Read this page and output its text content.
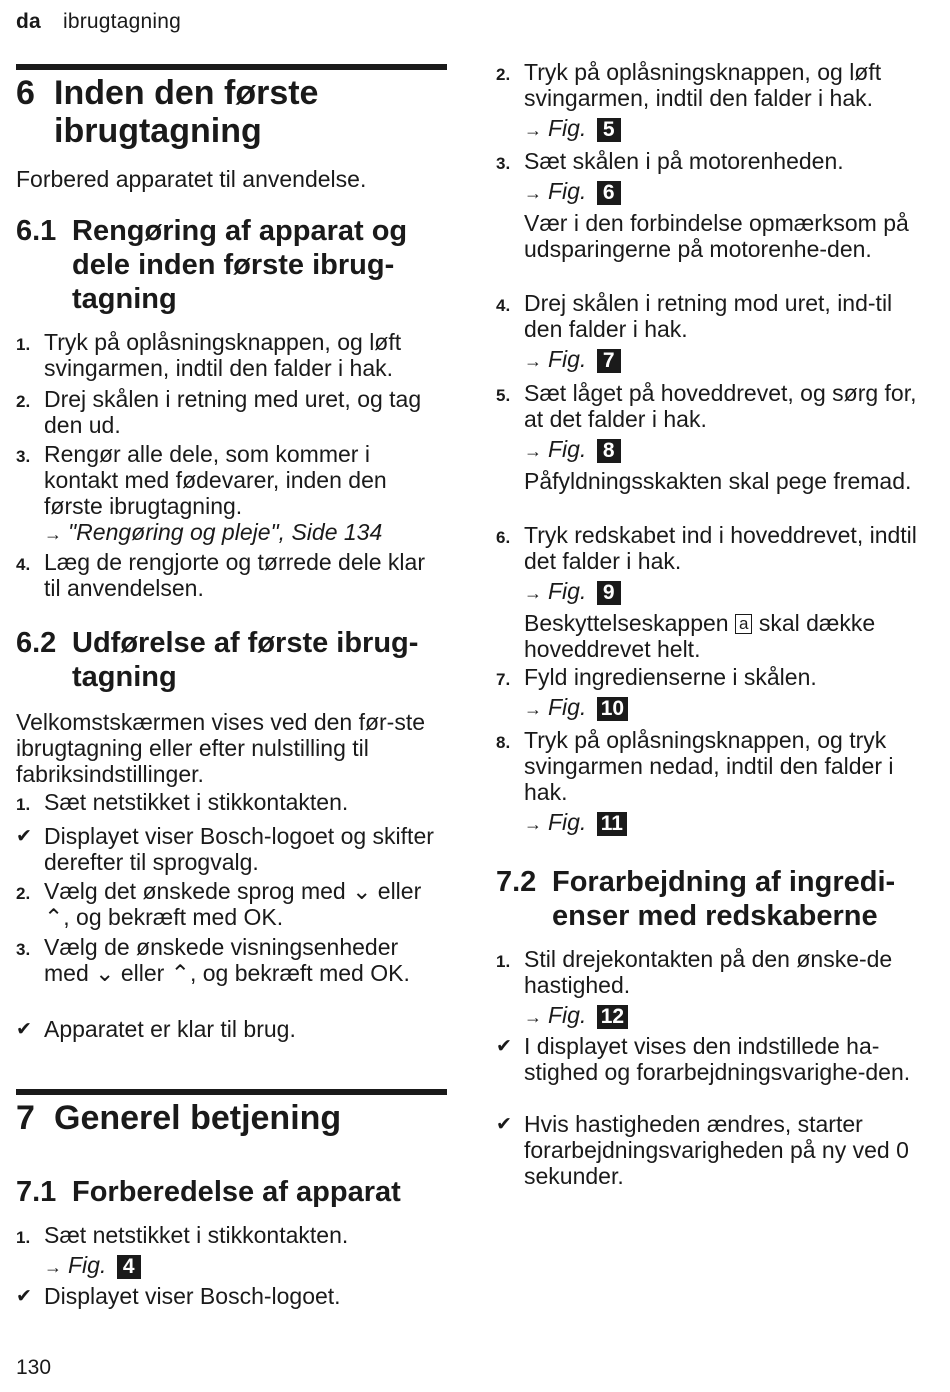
da ibrugtagning
6 Inden den første ibrugtagning
Forbered apparatet til anvendelse.
6.1 Rengøring af apparat og dele inden første ibrug-tagning
1. Tryk på oplåsningsknappen, og løft svingarmen, indtil den falder i hak.
2. Drej skålen i retning med uret, og tag den ud.
3. Rengør alle dele, som kommer i kontakt med fødevarer, inden den første ibrugtagning.
→ "Rengøring og pleje", Side 134
4. Læg de rengjorte og tørrede dele klar til anvendelsen.
6.2 Udførelse af første ibrug-tagning
Velkomstskærmen vises ved den før-ste ibrugtagning eller efter nulstilling til fabriksindstillinger.
1. Sæt netstikket i stikkontakten.
✔ Displayet viser Bosch-logoet og skifter derefter til sprogvalg.
2. Vælg det ønskede sprog med ⌄ eller ⌃, og bekræft med OK.
3. Vælg de ønskede visningsenheder med ⌄ eller ⌃, og bekræft med OK.
✔ Apparatet er klar til brug.
7 Generel betjening
7.1 Forberedelse af apparat
1. Sæt netstikket i stikkontakten.
→ Fig. 4
✔ Displayet viser Bosch-logoet.
2. Tryk på oplåsningsknappen, og løft svingarmen, indtil den falder i hak.
→ Fig. 5
3. Sæt skålen i på motorenheden.
→ Fig. 6
Vær i den forbindelse opmærksom på udsparingerne på motorenhe-den.
4. Drej skålen i retning mod uret, ind-til den falder i hak.
→ Fig. 7
5. Sæt låget på hoveddrevet, og sørg for, at det falder i hak.
→ Fig. 8
Påfyldningsskakten skal pege fremad.
6. Tryk redskabet ind i hoveddrevet, indtil det falder i hak.
→ Fig. 9
Beskyttelseskappen a skal dække hoveddrevet helt.
7. Fyld ingredienserne i skålen.
→ Fig. 10
8. Tryk på oplåsningsknappen, og tryk svingarmen nedad, indtil den falder i hak.
→ Fig. 11
7.2 Forarbejdning af ingredi-enser med redskaberne
1. Stil drejekontakten på den ønske-de hastighed.
→ Fig. 12
✔ I displayet vises den indstillede ha-stighed og forarbejdningsvarighe-den.
✔ Hvis hastigheden ændres, starter forarbejdningsvarigheden på ny ved 0 sekunder.
130
